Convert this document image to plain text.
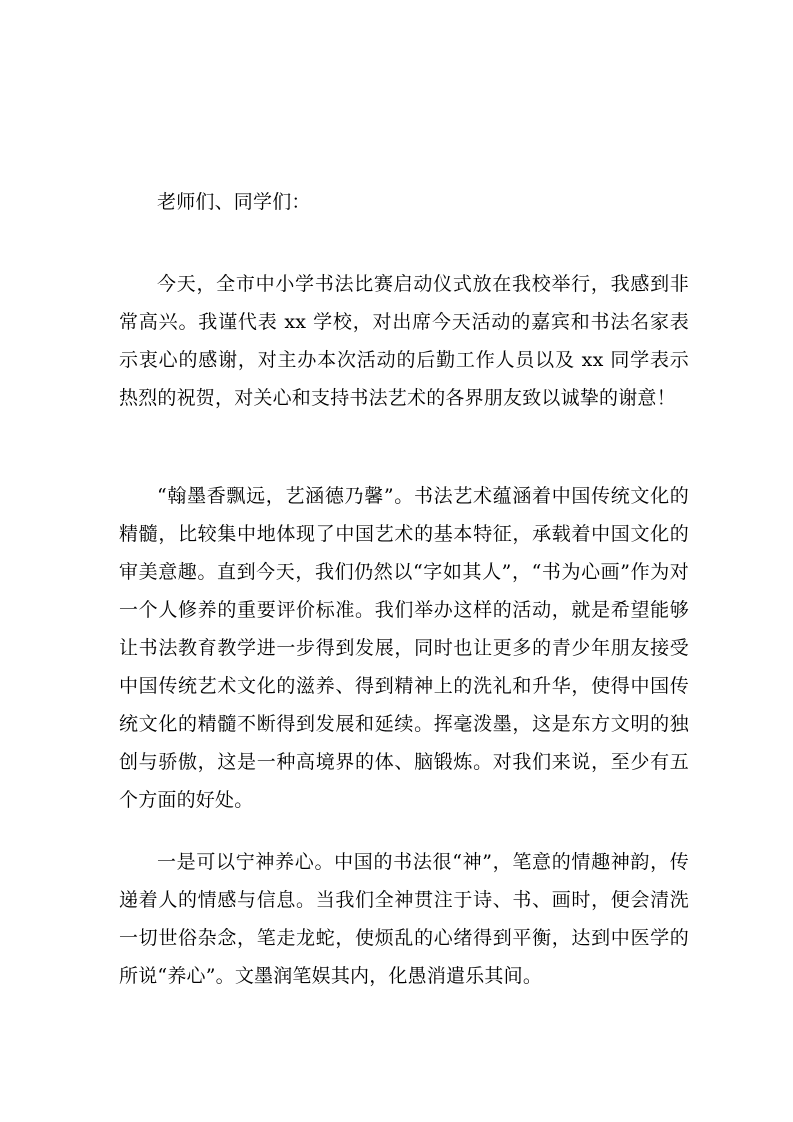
老师们、同学们：

今天，全市中小学书法比赛启动仪式放在我校举行，我感到非常高兴。我谨代表 xx 学校，对出席今天活动的嘉宾和书法名家表示衷心的感谢，对主办本次活动的后勤工作人员以及 xx 同学表示热烈的祝贺，对关心和支持书法艺术的各界朋友致以诚挚的谢意！

“翰墨香飘远，艺涵德乃馨”。书法艺术蕴涵着中国传统文化的精髓，比较集中地体现了中国艺术的基本特征，承载着中国文化的审美意趣。直到今天，我们仍然以“字如其人”，“书为心画”作为对一个人修养的重要评价标准。我们举办这样的活动，就是希望能够让书法教育教学进一步得到发展，同时也让更多的青少年朋友接受中国传统艺术文化的滋养、得到精神上的洗礼和升华，使得中国传统文化的精髓不断得到发展和延续。挥毫泼墨，这是东方文明的独创与骄傲，这是一种高境界的体、脑锻炼。对我们来说，至少有五个方面的好处。

一是可以宁神养心。中国的书法很“神”，笔意的情趣神韵，传递着人的情感与信息。当我们全神贯注于诗、书、画时，便会清洗一切世俗杂念，笔走龙蛇，使烦乱的心绪得到平衡，达到中医学的所说“养心”。文墨润笔娱其内，化愚消遣乐其间。
